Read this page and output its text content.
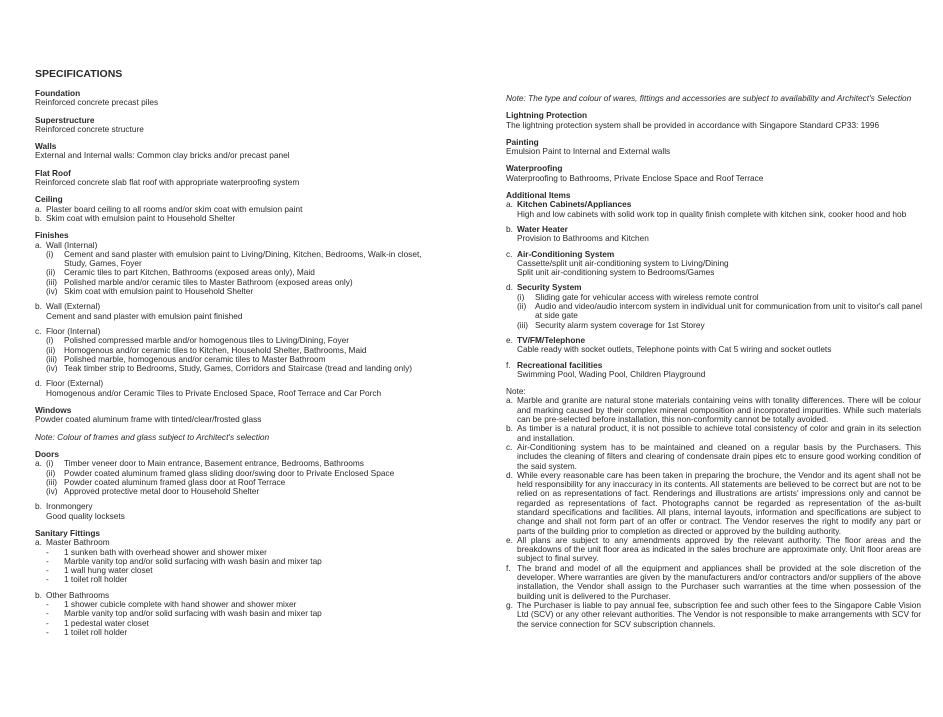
SPECIFICATIONS
Foundation
Reinforced concrete precast piles
Superstructure
Reinforced concrete structure
Walls
External and Internal walls: Common clay bricks and/or precast panel
Flat Roof
Reinforced concrete slab flat roof with appropriate waterproofing system
Ceiling
a. Plaster board ceiling to all rooms and/or skim coat with emulsion paint
b. Skim coat with emulsion paint to Household Shelter
Finishes
a. Wall (Internal)
(i)	Cement and sand plaster with emulsion paint to Living/Dining, Kitchen, Bedrooms, Walk-in closet,
Study, Games, Foyer
(ii)	Ceramic tiles to part Kitchen, Bathrooms (exposed areas only), Maid
(iii) Polished marble and/or ceramic tiles to Master Bathroom (exposed areas only)
(iv) Skim coat with emulsion paint to Household Shelter
b. Wall (External)
Cement and sand plaster with emulsion paint finished
c. Floor (Internal)
(i)	Polished compressed marble and/or homogenous tiles to Living/Dining, Foyer
(ii)	Homogenous and/or ceramic tiles to Kitchen, Household Shelter, Bathrooms, Maid
(iii) Polished marble, homogenous and/or ceramic tiles to Master Bathroom
(iv) Teak timber strip to Bedrooms, Study, Games, Corridors and Staircase (tread and landing only)
d. Floor (External)
Homogenous and/or Ceramic Tiles to Private Enclosed Space, Roof Terrace and Car Porch
Windows
Powder coated aluminum frame with tinted/clear/frosted glass
Note: Colour of frames and glass subject to Architect's selection
Doors
a. (i)	Timber veneer door to Main entrance, Basement entrance, Bedrooms, Bathrooms
(ii)	Powder coated aluminum framed glass sliding door/swing door to Private Enclosed Space
(iii) Powder coated aluminum framed glass door at Roof Terrace
(iv) Approved protective metal door to Household Shelter
b. Ironmongery
Good quality locksets
Sanitary Fittings
a. Master Bathroom
-	1 sunken bath with overhead shower and shower mixer
-	Marble vanity top and/or solid surfacing with wash basin and mixer tap
-	1 wall hung water closet
-	1 toilet roll holder
b. Other Bathrooms
-	1 shower cubicle complete with hand shower and shower mixer
-	Marble vanity top and/or solid surfacing with wash basin and mixer tap
-	1 pedestal water closet
-	1 toilet roll holder
Note: The type and colour of wares, fittings and accessories are subject to availability and Architect's Selection
Lightning Protection
The lightning protection system shall be provided in accordance with Singapore Standard CP33: 1996
Painting
Emulsion Paint to Internal and External walls
Waterproofing
Waterproofing to Bathrooms, Private Enclose Space and Roof Terrace
Additional Items
a. Kitchen Cabinets/Appliances
High and low cabinets with solid work top in quality finish complete with kitchen sink, cooker hood and hob
b. Water Heater
Provision to Bathrooms and Kitchen
c. Air-Conditioning System
Cassette/split unit air-conditioning system to Living/Dining
Split unit air-conditioning system to Bedrooms/Games
d. Security System
(i)	Sliding gate for vehicular access with wireless remote control
(ii)	Audio and video/audio intercom system in individual unit for communication from unit to visitor's call panel
at side gate
(iii) Security alarm system coverage for 1st Storey
e. TV/FM/Telephone
Cable ready with socket outlets, Telephone points with Cat 5 wiring and socket outlets
f. Recreational facilities
Swimming Pool, Wading Pool, Children Playground
Note:
a. Marble and granite are natural stone materials containing veins with tonality differences. There will be colour and marking caused by their complex mineral composition and incorporated impurities. While such materials can be pre-selected before installation, this non-conformity cannot be totally avoided.
b. As timber is a natural product, it is not possible to achieve total consistency of color and grain in its selection and installation.
c. Air-Conditioning system has to be maintained and cleaned on a regular basis by the Purchasers. This includes the cleaning of filters and clearing of condensate drain pipes etc to ensure good working condition of the said system.
d. While every reasonable care has been taken in preparing the brochure, the Vendor and its agent shall not be held responsibility for any inaccuracy in its contents. All statements are believed to be correct but are not to be relied on as representations of fact. Renderings and illustrations are artists' impressions only and cannot be regarded as representations of fact. Photographs cannot be regarded as representation of the as-built standard specifications and facilities. All plans, internal layouts, information and specifications are subject to change and shall not form part of an offer or contract. The Vendor reserves the right to modify any part or parts of the building prior to completion as directed or approved by the building authority.
e. All plans are subject to any amendments approved by the relevant authority. The floor areas and the breakdowns of the unit floor area as indicated in the sales brochure are approximate only. Unit floor areas are subject to final survey.
f. The brand and model of all the equipment and appliances shall be provided at the sole discretion of the developer. Where warranties are given by the manufacturers and/or contractors and/or suppliers of the above installation, the Vendor shall assign to the Purchaser such warranties at the time when possession of the building unit is delivered to the Purchaser.
g. The Purchaser is liable to pay annual fee, subscription fee and such other fees to the Singapore Cable Vision Ltd (SCV) or any other relevant authorities. The Vendor is not responsible to make arrangements with SCV for the service connection for SCV subscription channels.
